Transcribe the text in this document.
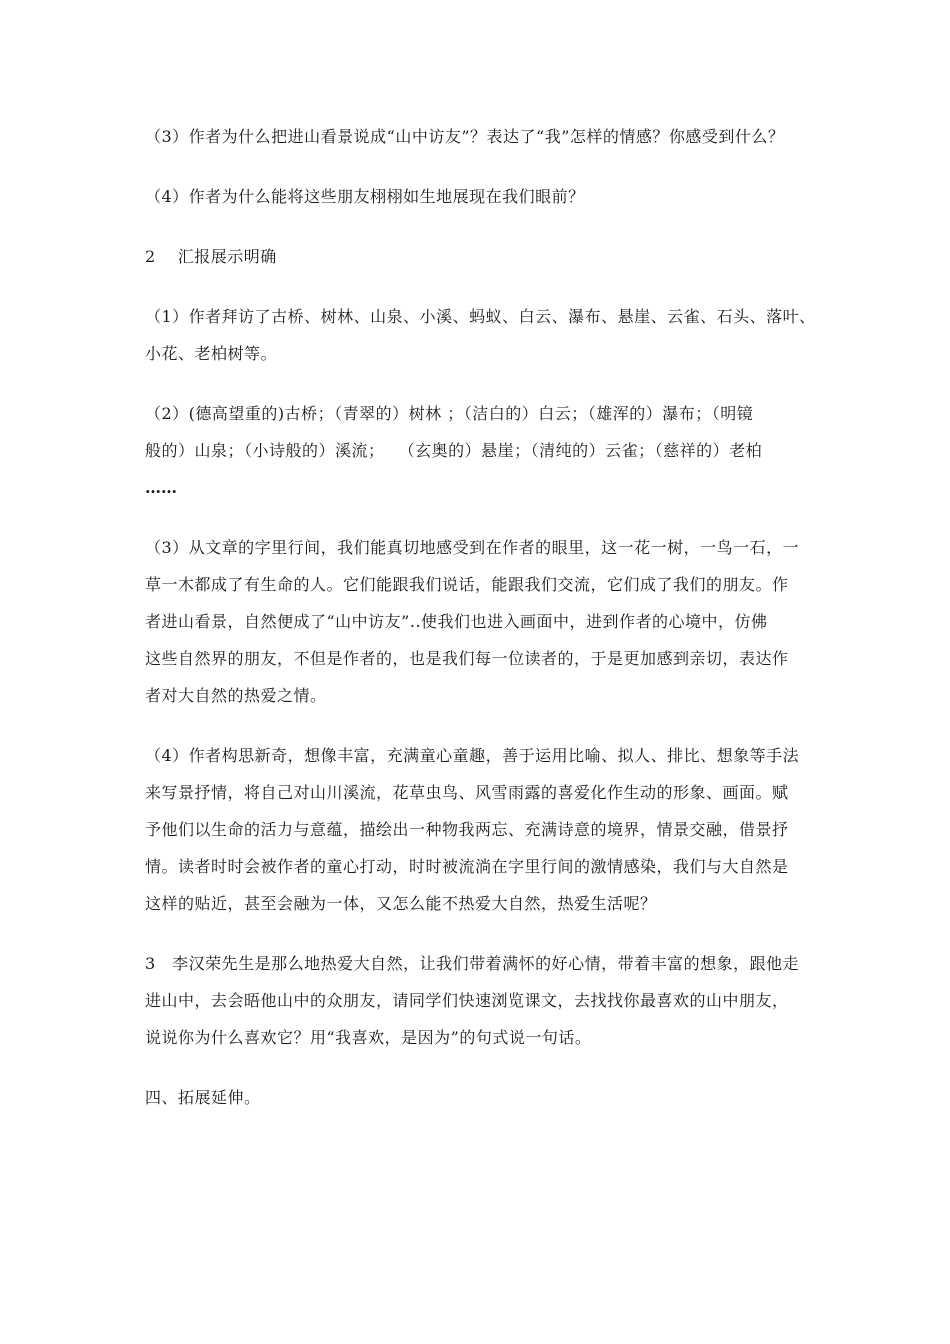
（3）作者为什么把进山看景说成“山中访友”？表达了“我”怎样的情感？你感受到什么？

（4）作者为什么能将这些朋友栩栩如生地展现在我们眼前？

2　 汇报展示明确

（1）作者拜访了古桥、树林、山泉、小溪、蚂蚁、白云、瀑布、悬崖、云雀、石头、落叶、
小花、老柏树等。

（2）(德高望重的)古桥；（青翠的）树林 ；（洁白的）白云；（雄浑的）瀑布；（明镜
般的）山泉；（小诗般的）溪流；　 （玄奥的）悬崖；（清纯的）云雀；（慈祥的）老柏
……

（3）从文章的字里行间，我们能真切地感受到在作者的眼里，这一花一树，一鸟一石，一
草一木都成了有生命的人。它们能跟我们说话，能跟我们交流，它们成了我们的朋友。作
者进山看景，自然便成了“山中访友”..使我们也进入画面中，进到作者的心境中，仿佛
这些自然界的朋友，不但是作者的，也是我们每一位读者的，于是更加感到亲切，表达作
者对大自然的热爱之情。

（4）作者构思新奇，想像丰富，充满童心童趣，善于运用比喻、拟人、排比、想象等手法
来写景抒情，将自己对山川溪流，花草虫鸟、风雪雨露的喜爱化作生动的形象、画面。赋
予他们以生命的活力与意蕴，描绘出一种物我两忘、充满诗意的境界，情景交融，借景抒
情。读者时时会被作者的童心打动，时时被流淌在字里行间的激情感染，我们与大自然是
这样的贴近，甚至会融为一体，又怎么能不热爱大自然，热爱生活呢？

3　李汉荣先生是那么地热爱大自然，让我们带着满怀的好心情，带着丰富的想象，跟他走
进山中，去会晤他山中的众朋友，请同学们快速浏览课文，去找找你最喜欢的山中朋友，
说说你为什么喜欢它？用“我喜欢，是因为”的句式说一句话。

四、拓展延伸。
